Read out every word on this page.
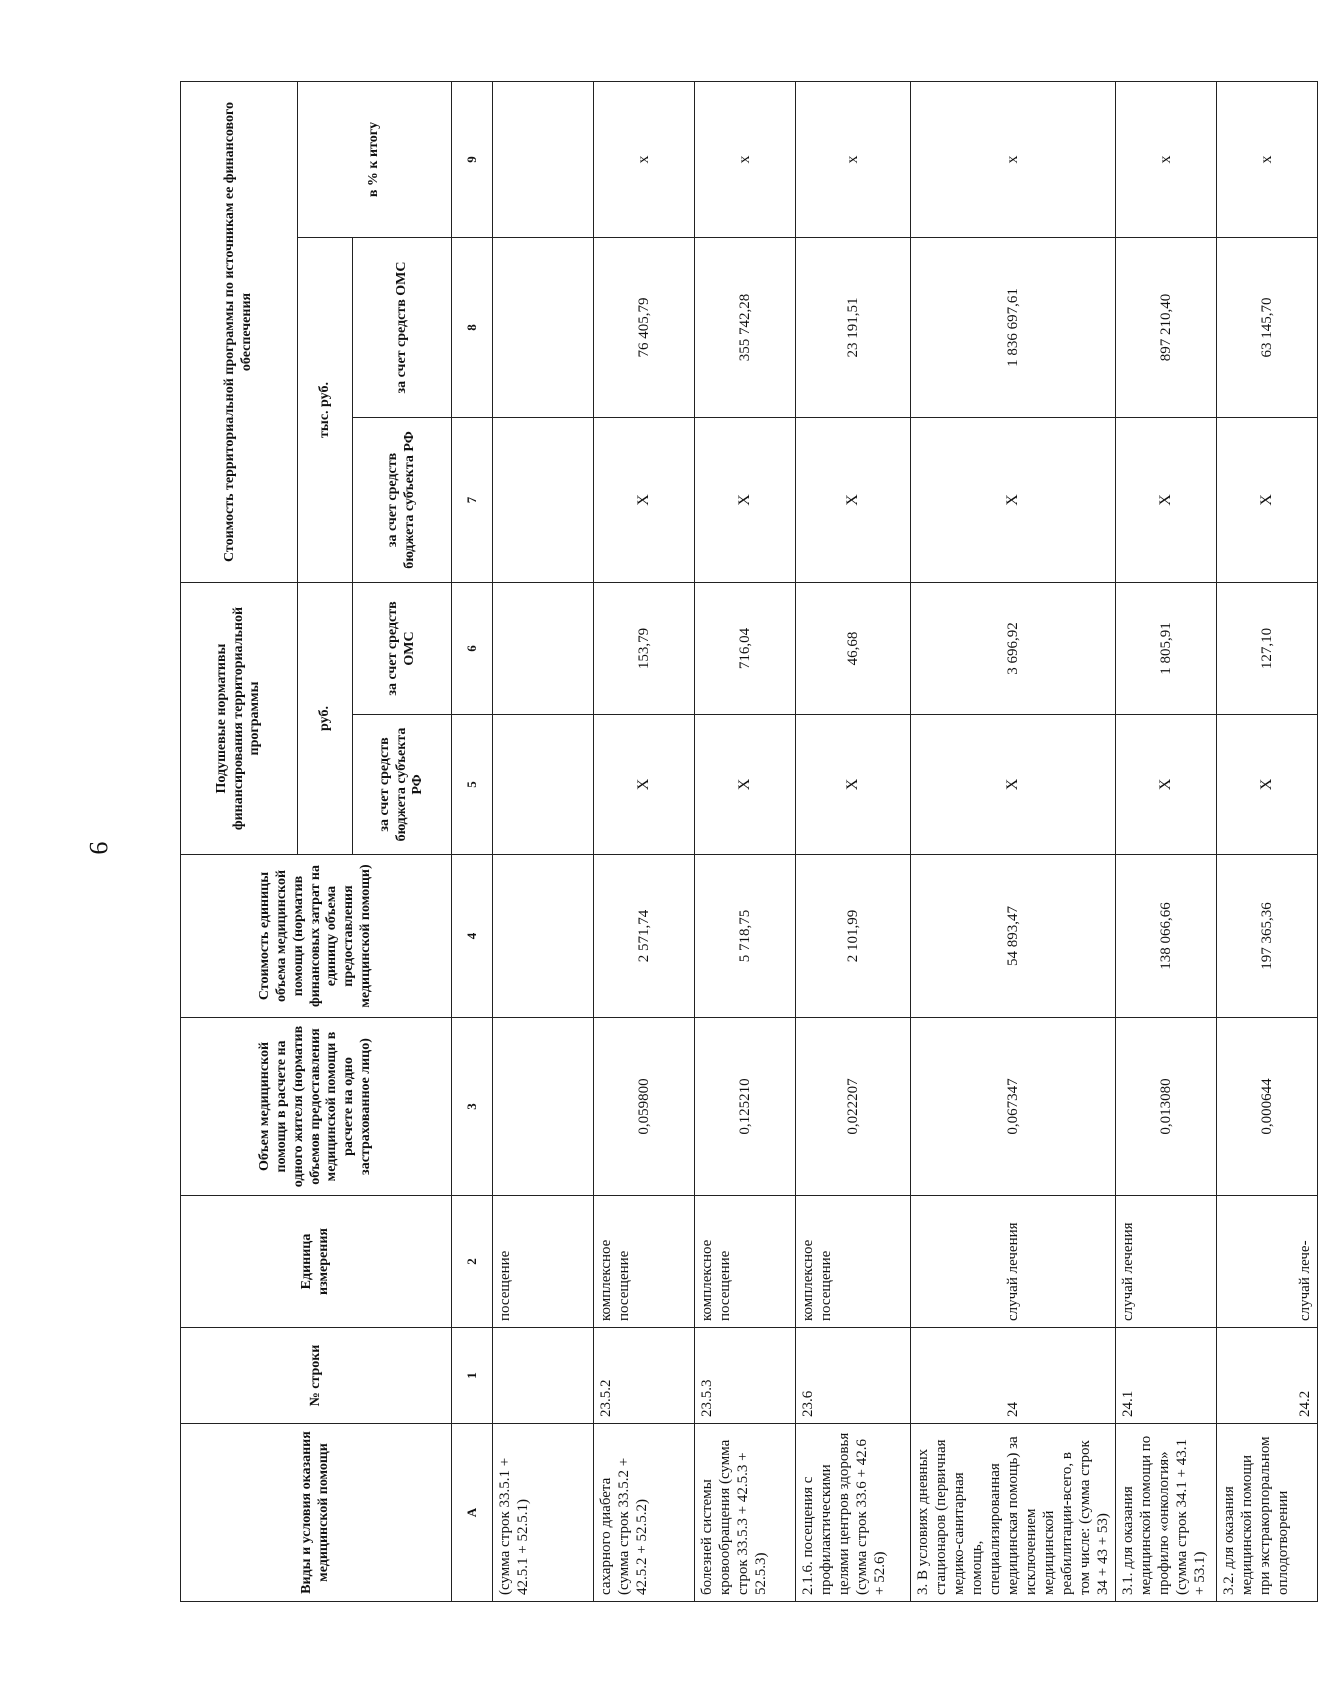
9
Виды и условия оказания медицинской помощи	№ строки	Единица измерения	Объем медицинской помощи в расчете на одного жителя (норматив объемов предоставления медицинской помощи в расчете на одно застрахованное лицо)	Стоимость единицы объема медицинской помощи (норматив финансовых затрат на единицу объема предоставления медицинской помощи)	Подушевые нормативы финансирования территориальной программы		Стоимость территориальной программы по источникам ее финансового обеспечения		
					руб.		тыс. руб.		в % к итогу
					за счет средств бюджета субъекта РФ	за счет средств ОМС	за счет средств бюджета субъекта РФ	за счет средств ОМС	
А	1	2	3	4	5	6	7	8	9
(сумма строк 33.5.1 + 42.5.1 + 52.5.1)		посещение							
сахарного диабета (сумма строк 33.5.2 + 42.5.2 + 52.5.2)	23.5.2	комплексное посещение	0,059800	2 571,74	Х	153,79	Х	76 405,79	х
болезней системы кровообращения (сумма строк 33.5.3 + 42.5.3 + 52.5.3)	23.5.3	комплексное посещение	0,125210	5 718,75	Х	716,04	Х	355 742,28	х
2.1.6. посещения с профилактическими целями центров здоровья (сумма строк 33.6 + 42.6 + 52.6)	23.6	комплексное посещение	0,022207	2 101,99	Х	46,68	Х	23 191,51	х
3. В условиях дневных стационаров (первичная медико-санитарная помощь, специализированная медицинская помощь) за исключением медицинской реабилитации-всего, в том числе: (сумма строк 34 + 43 + 53)	24	случай лечения	0,067347	54 893,47	Х	3 696,92	Х	1 836 697,61	х
3.1. для оказания медицинской помощи по профилю «онкология» (сумма строк 34.1 + 43.1 + 53.1)	24.1	случай лечения	0,013080	138 066,66	Х	1 805,91	Х	897 210,40	х
3.2. для оказания медицинской помощи при экстракорпоральном оплодотворении	24.2	случай лече-	0,000644	197 365,36	Х	127,10	Х	63 145,70	х
